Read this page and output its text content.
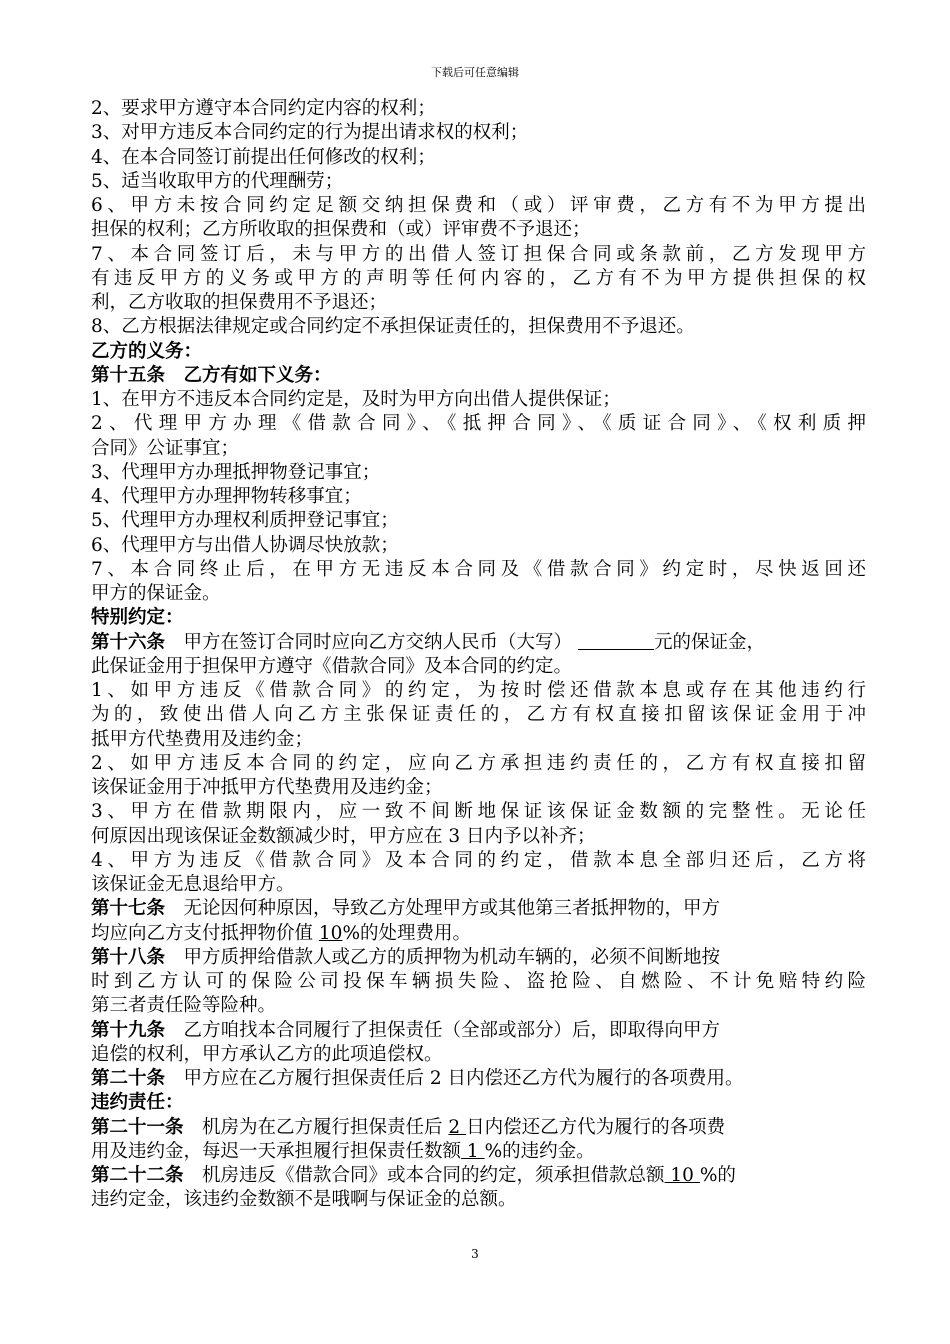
下载后可任意编辑
2、要求甲方遵守本合同约定内容的权利；
3、对甲方违反本合同约定的行为提出请求权的权利；
4、在本合同签订前提出任何修改的权利；
5、适当收取甲方的代理酬劳；
6、甲方未按合同约定足额交纳担保费和（或）评审费，乙方有不为甲方提出
担保的权利；乙方所收取的担保费和（或）评审费不予退还；
7、本合同签订后，未与甲方的出借人签订担保合同或条款前，乙方发现甲方
有违反甲方的义务或甲方的声明等任何内容的，乙方有不为甲方提供担保的权
利，乙方收取的担保费用不予退还；
8、乙方根据法律规定或合同约定不承担保证责任的，担保费用不予退还。
乙方的义务：
第十五条　乙方有如下义务：
1、在甲方不违反本合同约定是，及时为甲方向出借人提供保证；
2、代理甲方办理《借款合同》、《抵押合同》、《质证合同》、《权利质押
合同》公证事宜；
3、代理甲方办理抵押物登记事宜；
4、代理甲方办理押物转移事宜；
5、代理甲方办理权利质押登记事宜；
6、代理甲方与出借人协调尽快放款；
7、本合同终止后，在甲方无违反本合同及《借款合同》约定时，尽快返回还
甲方的保证金。
特别约定：
第十六条　甲方在签订合同时应向乙方交纳人民币（大写）	元的保证金，
此保证金用于担保甲方遵守《借款合同》及本合同的约定。
1、如甲方违反《借款合同》的约定，为按时偿还借款本息或存在其他违约行
为的，致使出借人向乙方主张保证责任的，乙方有权直接扣留该保证金用于冲
抵甲方代垫费用及违约金；
2、如甲方违反本合同的约定，应向乙方承担违约责任的，乙方有权直接扣留
该保证金用于冲抵甲方代垫费用及违约金；
3、甲方在借款期限内，应一致不间断地保证该保证金数额的完整性。无论任
何原因出现该保证金数额减少时，甲方应在 3 日内予以补齐；
4、甲方为违反《借款合同》及本合同的约定，借款本息全部归还后，乙方将
该保证金无息退给甲方。
第十七条　无论因何种原因，导致乙方处理甲方或其他第三者抵押物的，甲方
均应向乙方支付抵押物价值 10%的处理费用。
第十八条　甲方质押给借款人或乙方的质押物为机动车辆的，必须不间断地按
时到乙方认可的保险公司投保车辆损失险、盗抢险、自燃险、不计免赔特约险
第三者责任险等险种。
第十九条　乙方咱找本合同履行了担保责任（全部或部分）后，即取得向甲方
追偿的权利，甲方承认乙方的此项追偿权。
第二十条　甲方应在乙方履行担保责任后 2 日内偿还乙方代为履行的各项费用。
违约责任：
第二十一条　机房为在乙方履行担保责任后 2 日内偿还乙方代为履行的各项费
用及违约金，每迟一天承担履行担保责任数额 1 %的违约金。
第二十二条　机房违反《借款合同》或本合同的约定，须承担借款总额 10 %的
违约定金，该违约金数额不是哦啊与保证金的总额。
3
